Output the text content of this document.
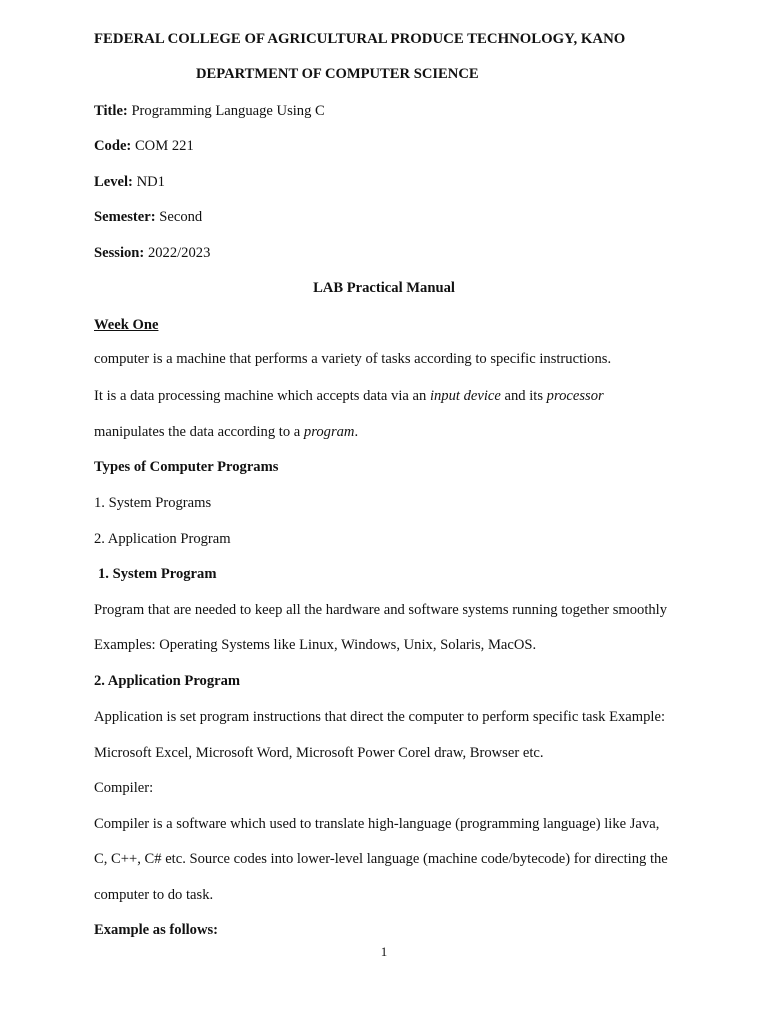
FEDERAL COLLEGE OF AGRICULTURAL PRODUCE TECHNOLOGY, KANO
DEPARTMENT OF COMPUTER SCIENCE
Title: Programming Language Using C
Code: COM 221
Level: ND1
Semester: Second
Session: 2022/2023
LAB Practical Manual
Week One
computer is a machine that performs a variety of tasks according to specific instructions.
It is a data processing machine which accepts data via an input device and its processor
manipulates the data according to a program.
Types of Computer Programs
1. System Programs
2. Application Program
1. System Program
Program that are needed to keep all the hardware and software systems running together smoothly
Examples: Operating Systems like Linux, Windows, Unix, Solaris, MacOS.
2. Application Program
Application is set program instructions that direct the computer to perform specific task Example:
Microsoft Excel, Microsoft Word, Microsoft Power Corel draw, Browser etc.
Compiler:
Compiler is a software which used to translate high-language (programming language) like Java,
C, C++, C# etc. Source codes into lower-level language (machine code/bytecode) for directing the
computer to do task.
Example as follows:
1
